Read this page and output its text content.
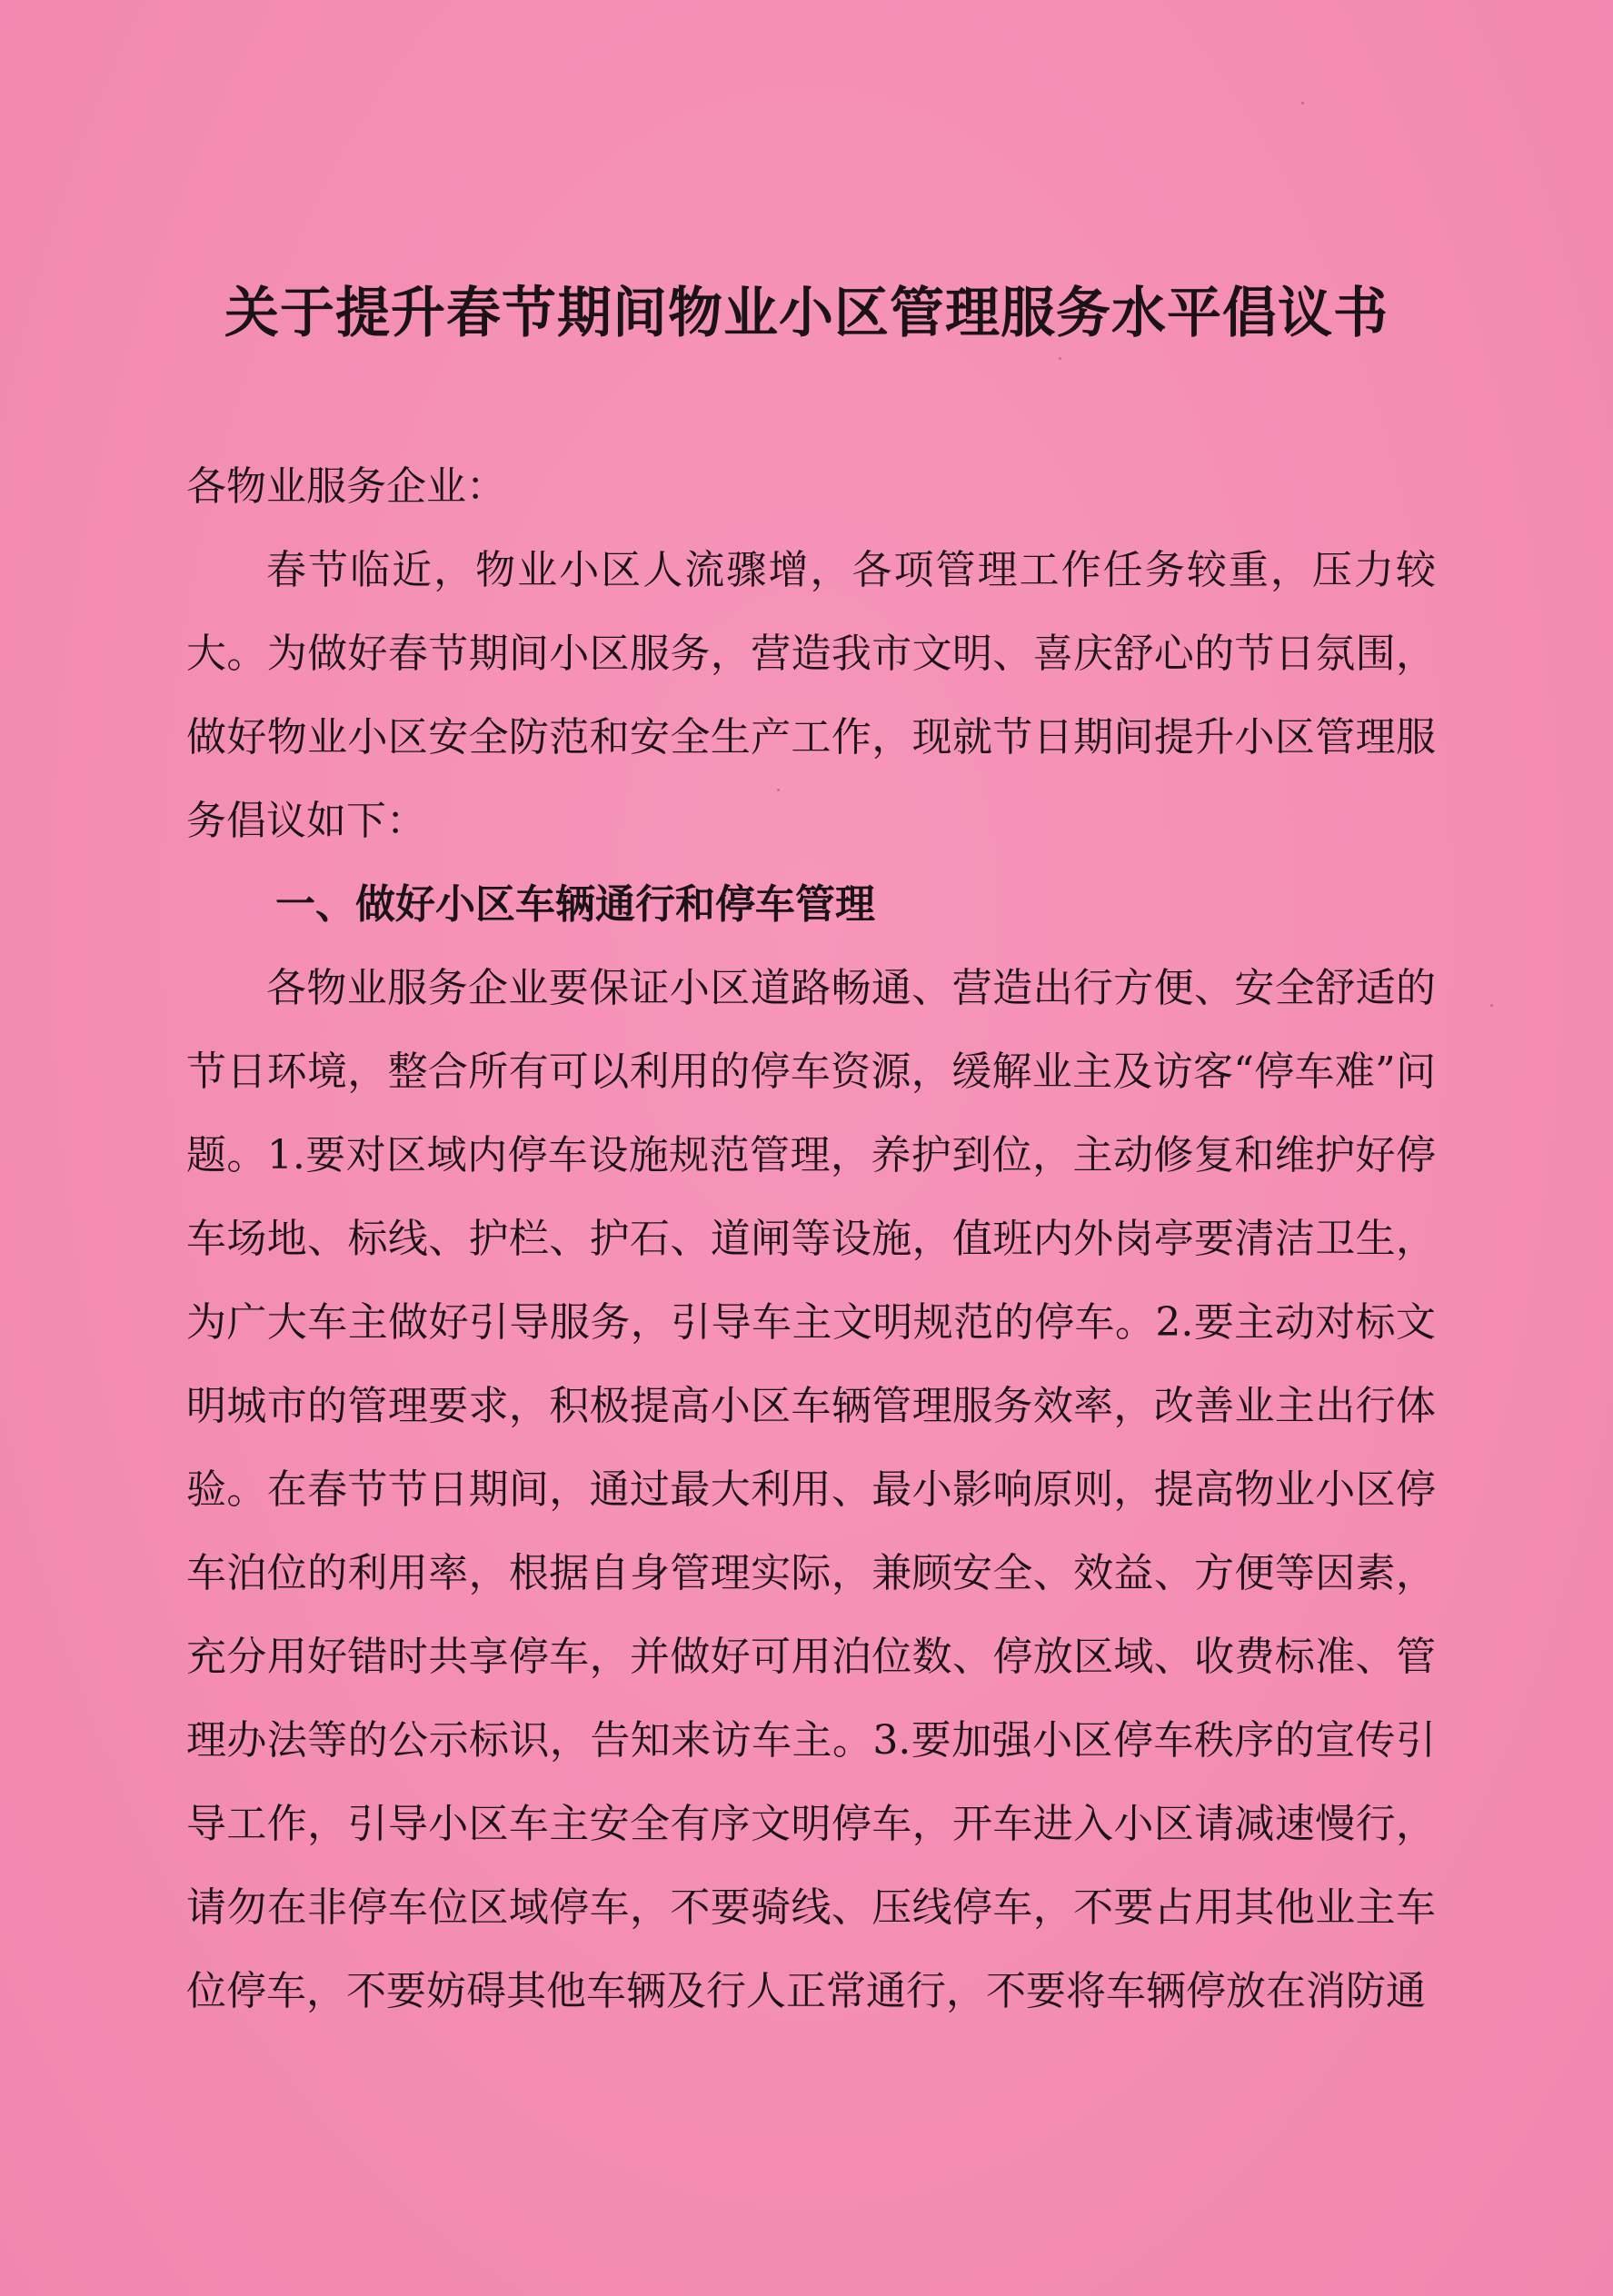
关于提升春节期间物业小区管理服务水平倡议书

各物业服务企业：

春节临近，物业小区人流骤增，各项管理工作任务较重，压力较大。为做好春节期间小区服务，营造我市文明、喜庆舒心的节日氛围，做好物业小区安全防范和安全生产工作，现就节日期间提升小区管理服务倡议如下：

一、做好小区车辆通行和停车管理

各物业服务企业要保证小区道路畅通、营造出行方便、安全舒适的节日环境，整合所有可以利用的停车资源，缓解业主及访客“停车难”问题。1.要对区域内停车设施规范管理，养护到位，主动修复和维护好停车场地、标线、护栏、护石、道闸等设施，值班内外岗亭要清洁卫生，为广大车主做好引导服务，引导车主文明规范的停车。2.要主动对标文明城市的管理要求，积极提高小区车辆管理服务效率，改善业主出行体验。在春节节日期间，通过最大利用、最小影响原则，提高物业小区停车泊位的利用率，根据自身管理实际，兼顾安全、效益、方便等因素，充分用好错时共享停车，并做好可用泊位数、停放区域、收费标准、管理办法等的公示标识，告知来访车主。3.要加强小区停车秩序的宣传引导工作，引导小区车主安全有序文明停车，开车进入小区请减速慢行，请勿在非停车位区域停车，不要骑线、压线停车，不要占用其他业主车位停车，不要妨碍其他车辆及行人正常通行，不要将车辆停放在消防通
